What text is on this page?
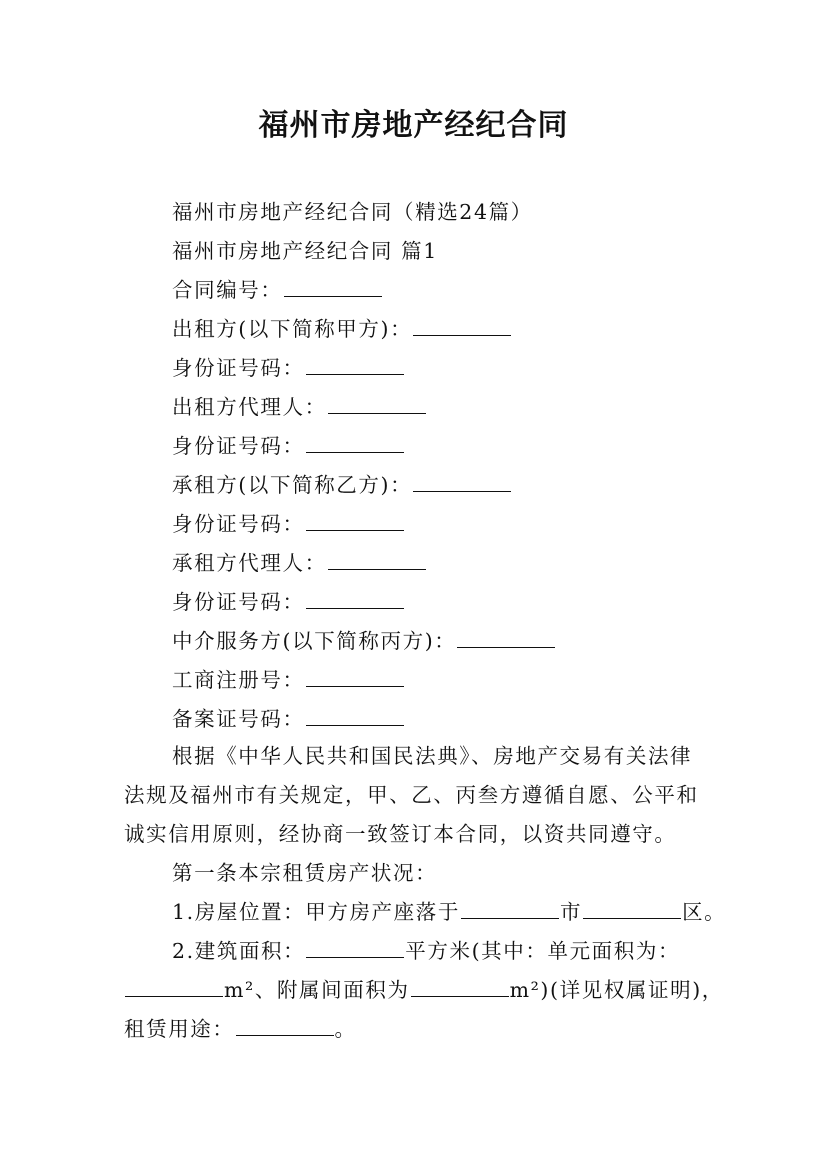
福州市房地产经纪合同
福州市房地产经纪合同（精选24篇）
福州市房地产经纪合同 篇1
合同编号：
出租方(以下简称甲方)：
身份证号码：
出租方代理人：
身份证号码：
承租方(以下简称乙方)：
身份证号码：
承租方代理人：
身份证号码：
中介服务方(以下简称丙方)：
工商注册号：
备案证号码：
根据《中华人民共和国民法典》、房地产交易有关法律
法规及福州市有关规定，甲、乙、丙叁方遵循自愿、公平和
诚实信用原则，经协商一致签订本合同，以资共同遵守。
第一条本宗租赁房产状况：
1.房屋位置：甲方房产座落于	市	区。
2.建筑面积：	平方米(其中：单元面积为：
m²、附属间面积为	m²)(详见权属证明)，
租赁用途：	。
